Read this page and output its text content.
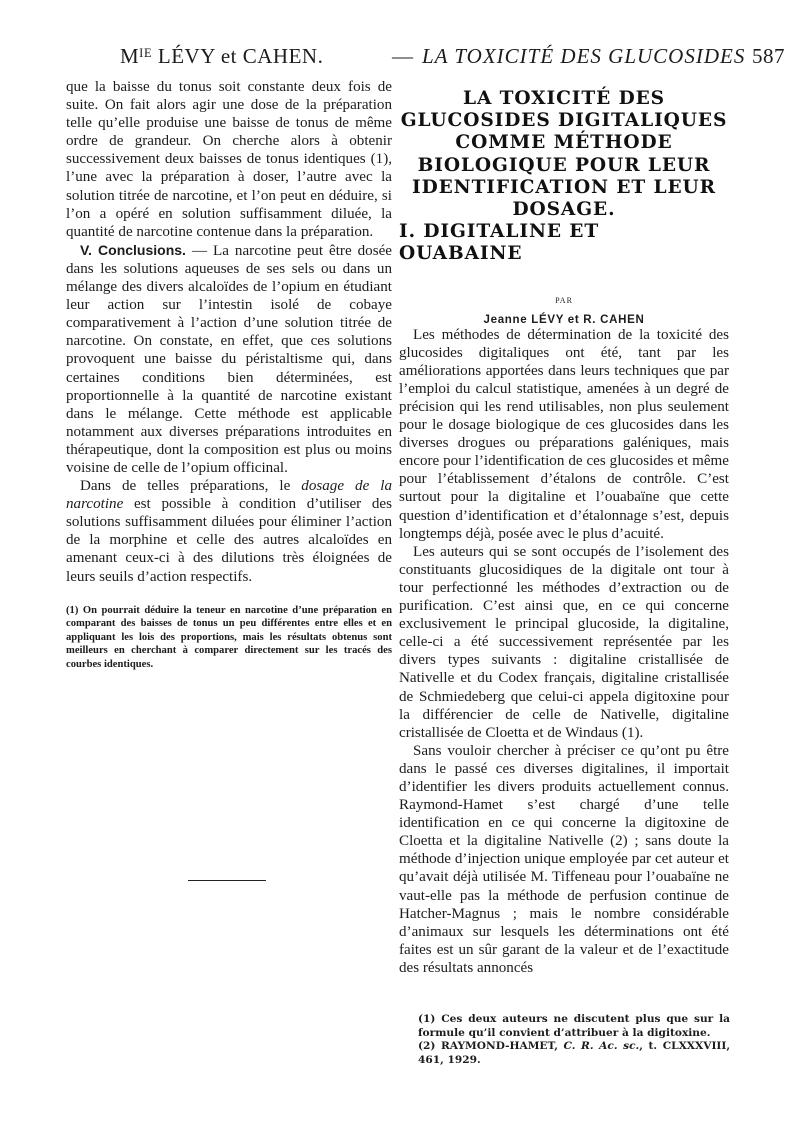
Mᴵᴱ LÉVY et CAHEN.	— LA TOXICITÉ DES GLUCOSIDES 587

que la baisse du tonus soit constante deux fois de suite. On fait alors agir une dose de la préparation telle qu’elle produise une baisse de tonus de même ordre de grandeur. On cherche alors à obtenir successivement deux baisses de tonus identiques (1), l’une avec la préparation à doser, l’autre avec la solution titrée de narcotine, et l’on peut en déduire, si l’on a opéré en solution suffisamment diluée, la quantité de narcotine contenue dans la préparation.

V. Conclusions. — La narcotine peut être dosée dans les solutions aqueuses de ses sels ou dans un mélange des divers alcaloïdes de l’opium en étudiant leur action sur l’intestin isolé de cobaye comparativement à l’action d’une solution titrée de narcotine. On constate, en effet, que ces solutions provoquent une baisse du péristaltisme qui, dans certaines conditions bien déterminées, est proportionnelle à la quantité de narcotine existant dans le mélange. Cette méthode est applicable notamment aux diverses préparations introduites en thérapeutique, dont la composition est plus ou moins voisine de celle de l’opium officinal.

Dans de telles préparations, le dosage de la narcotine est possible à condition d’utiliser des solutions suffisamment diluées pour éliminer l’action de la morphine et celle des autres alcaloïdes en amenant ceux-ci à des dilutions très éloignées de leurs seuils d’action respectifs.

(1) On pourrait déduire la teneur en narcotine d’une préparation en comparant des baisses de tonus un peu différentes entre elles et en appliquant les lois des proportions, mais les résultats obtenus sont meilleurs en cherchant à comparer directement sur les tracés des courbes identiques.

LA TOXICITÉ DES GLUCOSIDES DIGITALIQUES COMME MÉTHODE BIOLOGIQUE POUR LEUR IDENTIFICATION ET LEUR DOSAGE.

I. DIGITALINE ET OUABAINE

PAR
Jeanne LÉVY et R. CAHEN

Les méthodes de détermination de la toxicité des glucosides digitaliques ont été, tant par les améliorations apportées dans leurs techniques que par l’emploi du calcul statistique, amenées à un degré de précision qui les rend utilisables, non plus seulement pour le dosage biologique de ces glucosides dans les diverses drogues ou préparations galéniques, mais encore pour l’identification de ces glucosides et même pour l’établissement d’étalons de contrôle. C’est surtout pour la digitaline et l’ouabaïne que cette question d’identification et d’étalonnage s’est, depuis longtemps déjà, posée avec le plus d’acuité.

Les auteurs qui se sont occupés de l’isolement des constituants glucosidiques de la digitale ont tour à tour perfectionné les méthodes d’extraction ou de purification. C’est ainsi que, en ce qui concerne exclusivement le principal glucoside, la digitaline, celle-ci a été successivement représentée par les divers types suivants : digitaline cristallisée de Nativelle et du Codex français, digitaline cristallisée de Schmiedeberg que celui-ci appela digitoxine pour la différencier de celle de Nativelle, digitaline cristallisée de Cloetta et de Windaus (1).

Sans vouloir chercher à préciser ce qu’ont pu être dans le passé ces diverses digitalines, il importait d’identifier les divers produits actuellement connus. Raymond-Hamet s’est chargé d’une telle identification en ce qui concerne la digitoxine de Cloetta et la digitaline Nativelle (2) ; sans doute la méthode d’injection unique employée par cet auteur et qu’avait déjà utilisée M. Tiffeneau pour l’ouabaïne ne vaut-elle pas la méthode de perfusion continue de Hatcher-Magnus ; mais le nombre considérable d’animaux sur lesquels les déterminations ont été faites est un sûr garant de la valeur et de l’exactitude des résultats annoncés

(1) Ces deux auteurs ne discutent plus que sur la formule qu’il convient d’attribuer à la digitoxine.

(2) RAYMOND-HAMET, C. R. Ac. sc., t. CLXXXVIII, 461, 1929.
